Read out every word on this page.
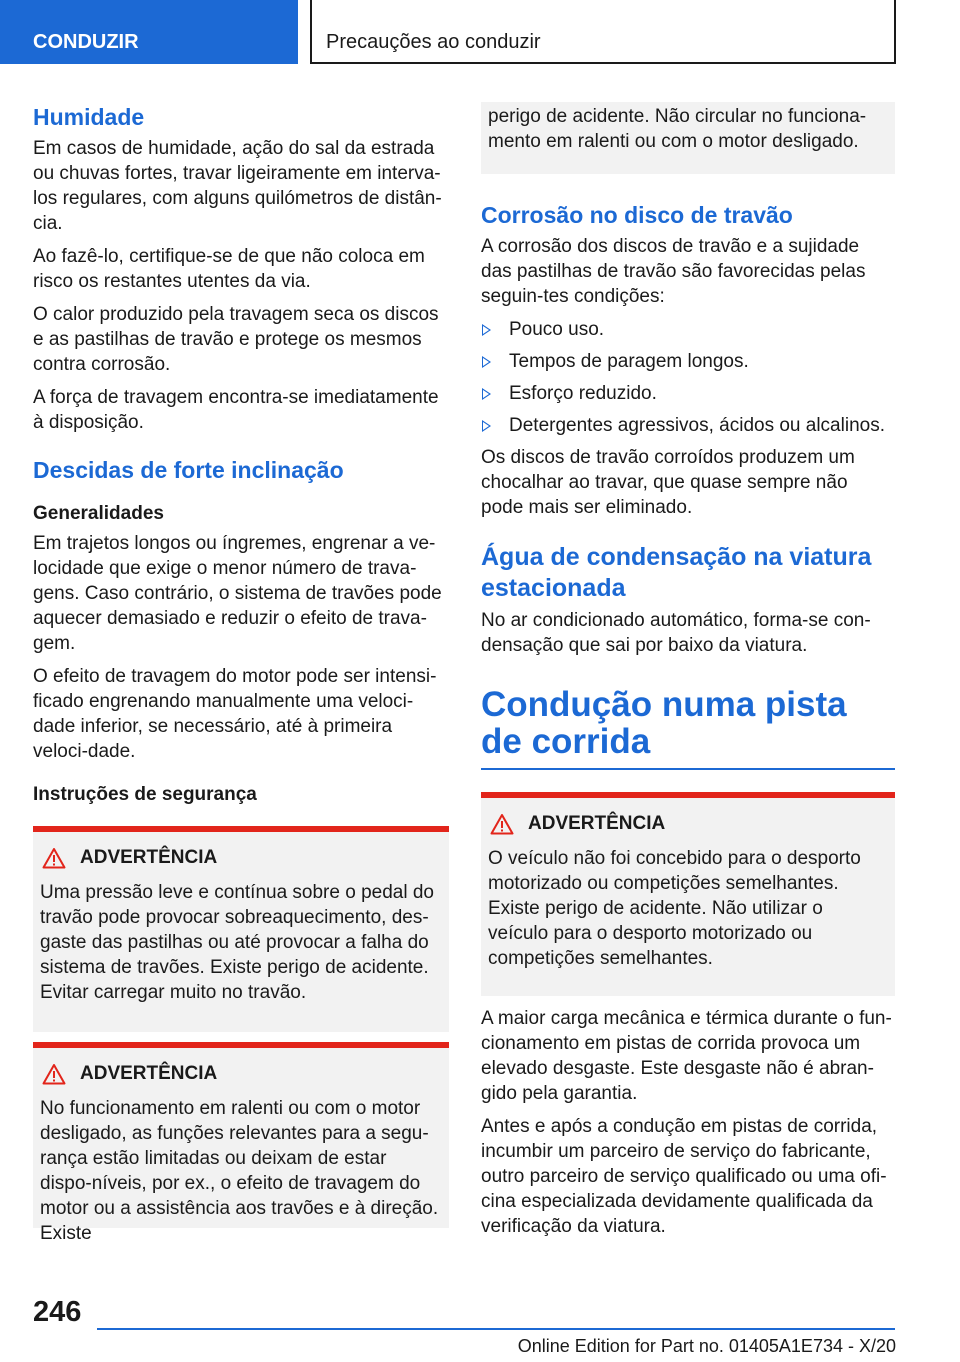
CONDUZIR	Precauções ao conduzir
Humidade

Em casos de humidade, ação do sal da estrada ou chuvas fortes, travar ligeiramente em interva-los regulares, com alguns quilómetros de distân-cia.

Ao fazê-lo, certifique-se de que não coloca em risco os restantes utentes da via.

O calor produzido pela travagem seca os discos e as pastilhas de travão e protege os mesmos contra corrosão.

A força de travagem encontra-se imediatamente à disposição.

Descidas de forte inclinação
Generalidades

Em trajetos longos ou íngremes, engrenar a ve-locidade que exige o menor número de trava-gens. Caso contrário, o sistema de travões pode aquecer demasiado e reduzir o efeito de trava-gem.

O efeito de travagem do motor pode ser intensi-ficado engrenando manualmente uma veloci-dade inferior, se necessário, até à primeira veloci-dade.

Instruções de segurança
ADVERTÊNCIA

Uma pressão leve e contínua sobre o pedal do travão pode provocar sobreaquecimento, des-gaste das pastilhas ou até provocar a falha do sistema de travões. Existe perigo de acidente. Evitar carregar muito no travão.

ADVERTÊNCIA

No funcionamento em ralenti ou com o motor desligado, as funções relevantes para a segu-rança estão limitadas ou deixam de estar dispo-níveis, por ex., o efeito de travagem do motor ou a assistência aos travões e à direção. Existe

perigo de acidente. Não circular no funciona-mento em ralenti ou com o motor desligado.

Corrosão no disco de travão

A corrosão dos discos de travão e a sujidade das pastilhas de travão são favorecidas pelas seguin-tes condições:

Pouco uso.
Tempos de paragem longos.
Esforço reduzido.
Detergentes agressivos, ácidos ou alcalinos.

Os discos de travão corroídos produzem um chocalhar ao travar, que quase sempre não pode mais ser eliminado.

Água de condensação na viatura estacionada

No ar condicionado automático, forma-se con-densação que sai por baixo da viatura.

Condução numa pista de corrida
ADVERTÊNCIA

O veículo não foi concebido para o desporto motorizado ou competições semelhantes. Existe perigo de acidente. Não utilizar o veículo para o desporto motorizado ou competições semelhantes.

A maior carga mecânica e térmica durante o fun-cionamento em pistas de corrida provoca um elevado desgaste. Este desgaste não é abran-gido pela garantia.

Antes e após a condução em pistas de corrida, incumbir um parceiro de serviço do fabricante, outro parceiro de serviço qualificado ou uma ofi-cina especializada devidamente qualificada da verificação da viatura.

246
Online Edition for Part no. 01405A1E734 - X/20
